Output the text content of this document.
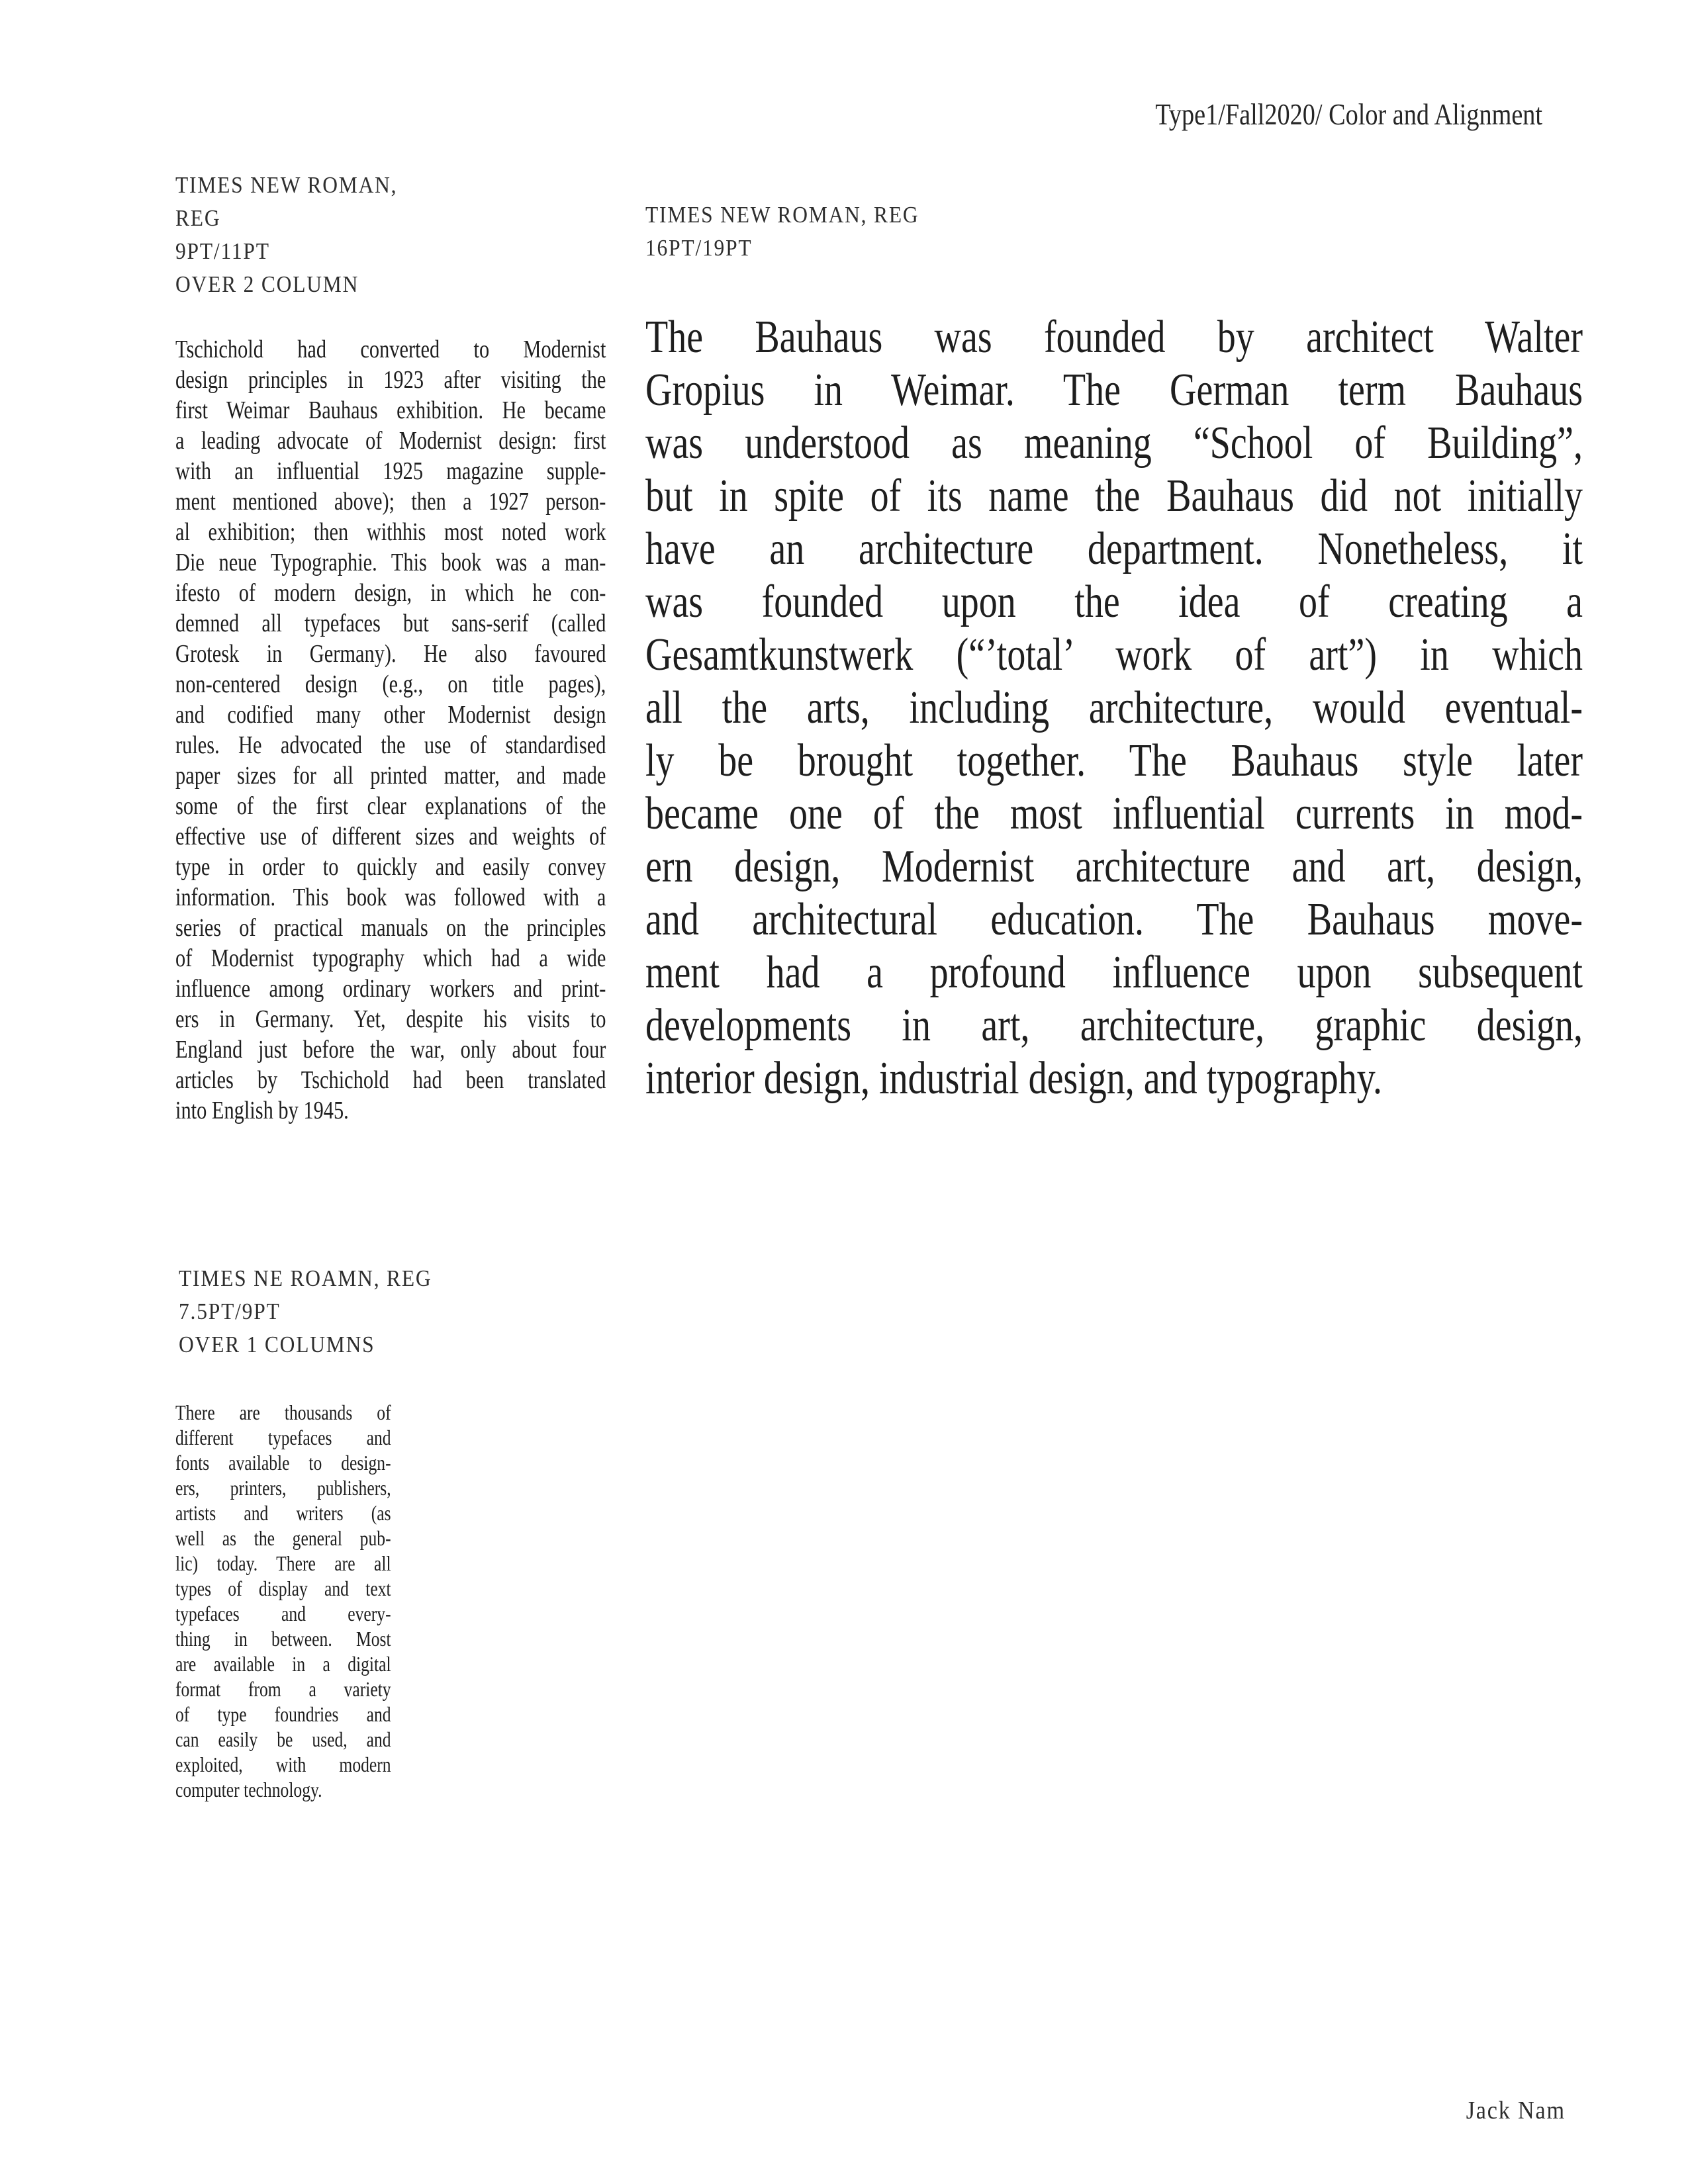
Type1/Fall2020/ Color and Alignment
TIMES NEW ROMAN,
REG
9PT/11PT
OVER 2 COLUMN
TIMES NEW ROMAN, REG
16PT/19PT
Tschichold had converted to Modernist
design principles in 1923 after visiting the
first Weimar Bauhaus exhibition. He became
a leading advocate of Modernist design: first
with an influential 1925 magazine supple-
ment mentioned above); then a 1927 person-
al exhibition; then withhis most noted work
Die neue Typographie. This book was a man-
ifesto of modern design, in which he con-
demned all typefaces but sans-serif (called
Grotesk in Germany). He also favoured
non-centered design (e.g., on title pages),
and codified many other Modernist design
rules. He advocated the use of standardised
paper sizes for all printed matter, and made
some of the first clear explanations of the
effective use of different sizes and weights of
type in order to quickly and easily convey
information. This book was followed with a
series of practical manuals on the principles
of Modernist typography which had a wide
influence among ordinary workers and print-
ers in Germany. Yet, despite his visits to
England just before the war, only about four
articles by Tschichold had been translated
into English by 1945.
The Bauhaus was founded by architect Walter
Gropius in Weimar. The German term Bauhaus
was understood as meaning “School of Building”,
but in spite of its name the Bauhaus did not initially
have an architecture department. Nonetheless, it
was founded upon the idea of creating a
Gesamtkunstwerk (“’total’ work of art”) in which
all the arts, including architecture, would eventual-
ly be brought together. The Bauhaus style later
became one of the most influential currents in mod-
ern design, Modernist architecture and art, design,
and architectural education. The Bauhaus move-
ment had a profound influence upon subsequent
developments in art, architecture, graphic design,
interior design, industrial design, and typography.
TIMES NE ROAMN, REG
7.5PT/9PT
OVER 1 COLUMNS
There are thousands of
different typefaces and
fonts available to design-
ers, printers, publishers,
artists and writers (as
well as the general pub-
lic) today. There are all
types of display and text
typefaces and every-
thing in between. Most
are available in a digital
format from a variety
of type foundries and
can easily be used, and
exploited, with modern
computer technology.
Jack Nam
